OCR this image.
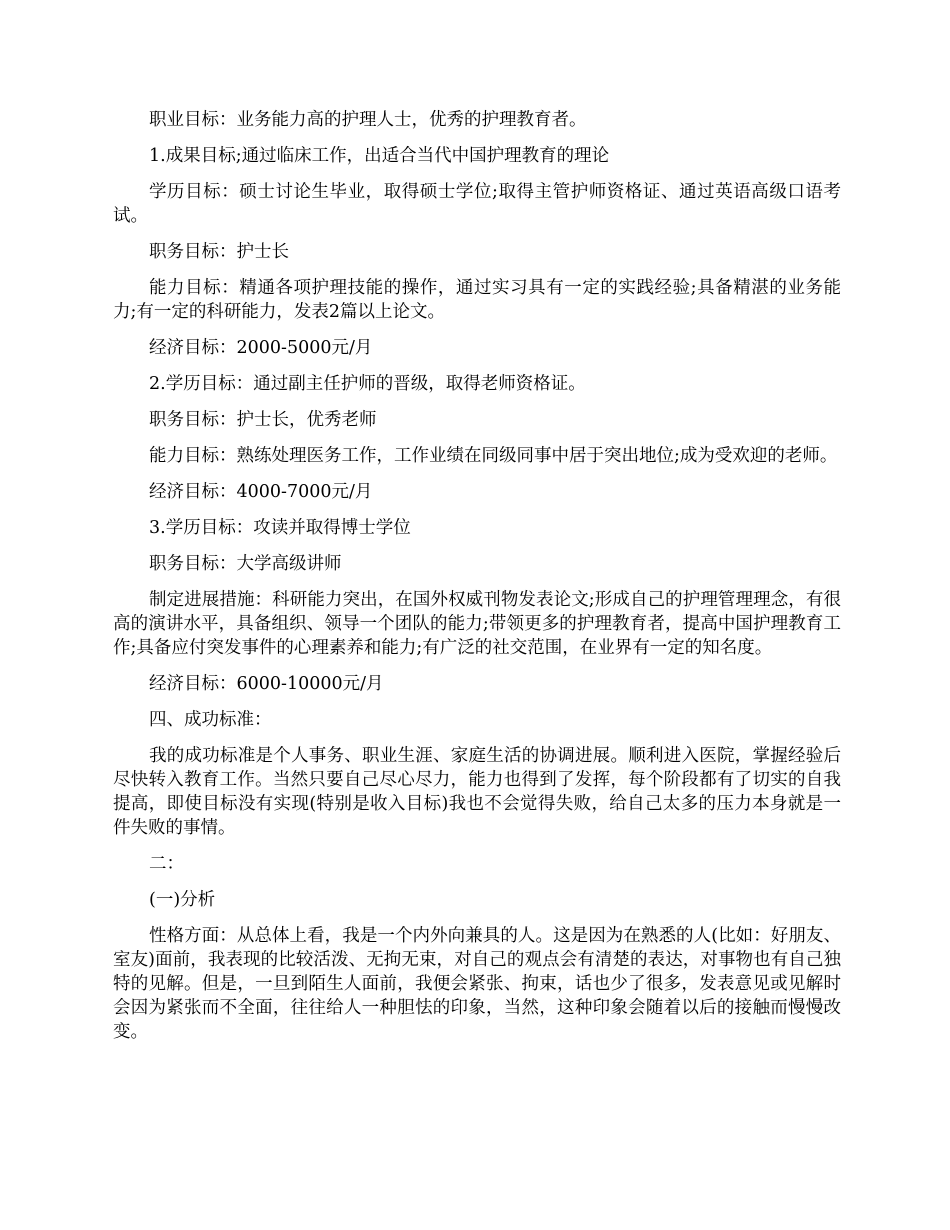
职业目标：业务能力高的护理人士，优秀的护理教育者。

1.成果目标;通过临床工作，出适合当代中国护理教育的理论

学历目标：硕士讨论生毕业，取得硕士学位;取得主管护师资格证、通过英语高级口语考试。

职务目标：护士长

能力目标：精通各项护理技能的操作，通过实习具有一定的实践经验;具备精湛的业务能力;有一定的科研能力，发表2篇以上论文。

经济目标：2000-5000元/月

2.学历目标：通过副主任护师的晋级，取得老师资格证。

职务目标：护士长，优秀老师

能力目标：熟练处理医务工作，工作业绩在同级同事中居于突出地位;成为受欢迎的老师。

经济目标：4000-7000元/月

3.学历目标：攻读并取得博士学位

职务目标：大学高级讲师

制定进展措施：科研能力突出，在国外权威刊物发表论文;形成自己的护理管理理念，有很高的演讲水平，具备组织、领导一个团队的能力;带领更多的护理教育者，提高中国护理教育工作;具备应付突发事件的心理素养和能力;有广泛的社交范围，在业界有一定的知名度。

经济目标：6000-10000元/月

四、成功标准：

我的成功标准是个人事务、职业生涯、家庭生活的协调进展。顺利进入医院，掌握经验后尽快转入教育工作。当然只要自己尽心尽力，能力也得到了发挥，每个阶段都有了切实的自我提高，即使目标没有实现(特别是收入目标)我也不会觉得失败，给自己太多的压力本身就是一件失败的事情。

二：

(一)分析

性格方面：从总体上看，我是一个内外向兼具的人。这是因为在熟悉的人(比如：好朋友、室友)面前，我表现的比较活泼、无拘无束，对自己的观点会有清楚的表达，对事物也有自己独特的见解。但是，一旦到陌生人面前，我便会紧张、拘束，话也少了很多，发表意见或见解时会因为紧张而不全面，往往给人一种胆怯的印象，当然，这种印象会随着以后的接触而慢慢改变。
